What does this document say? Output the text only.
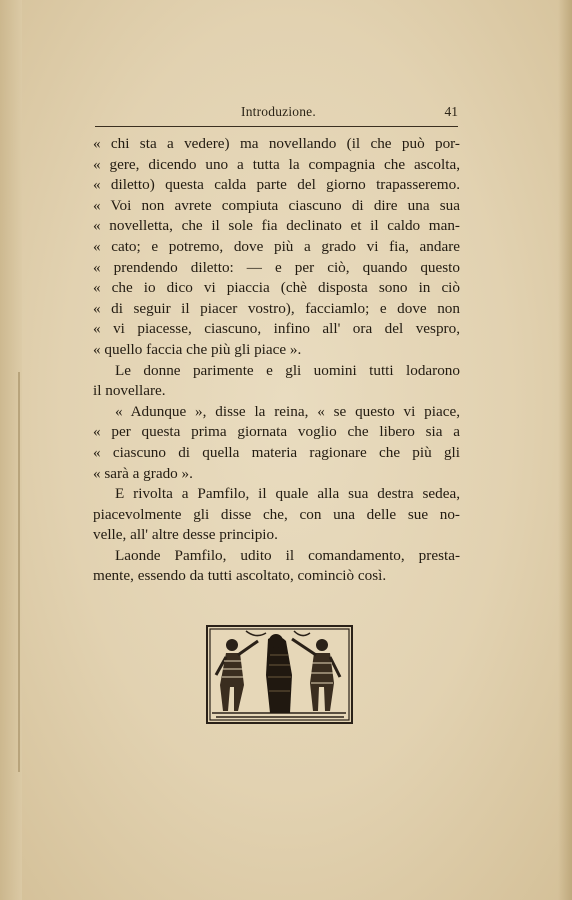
Introduzione.	41

« chi sta a vedere) ma novellando (il che può por-
« gere, dicendo uno a tutta la compagnia che ascolta,
« diletto) questa calda parte del giorno trapasseremo.
« Voi non avrete compiuta ciascuno di dire una sua
« novelletta, che il sole fia declinato et il caldo man-
« cato; e potremo, dove più a grado vi fia, andare
« prendendo diletto: — e per ciò, quando questo
« che io dico vi piaccia (chè disposta sono in ciò
« di seguir il piacer vostro), facciamlo; e dove non
« vi piacesse, ciascuno, infino all' ora del vespro,
« quello faccia che più gli piace ».

Le donne parimente e gli uomini tutti lodarono
il novellare.

« Adunque », disse la reina, « se questo vi piace,
« per questa prima giornata voglio che libero sia a
« ciascuno di quella materia ragionare che più gli
« sarà a grado ».

E rivolta a Pamfilo, il quale alla sua destra sedea,
piacevolmente gli disse che, con una delle sue no-
velle, all' altre desse principio.

Laonde Pamfilo, udito il comandamento, presta-
mente, essendo da tutti ascoltato, cominciò così.
